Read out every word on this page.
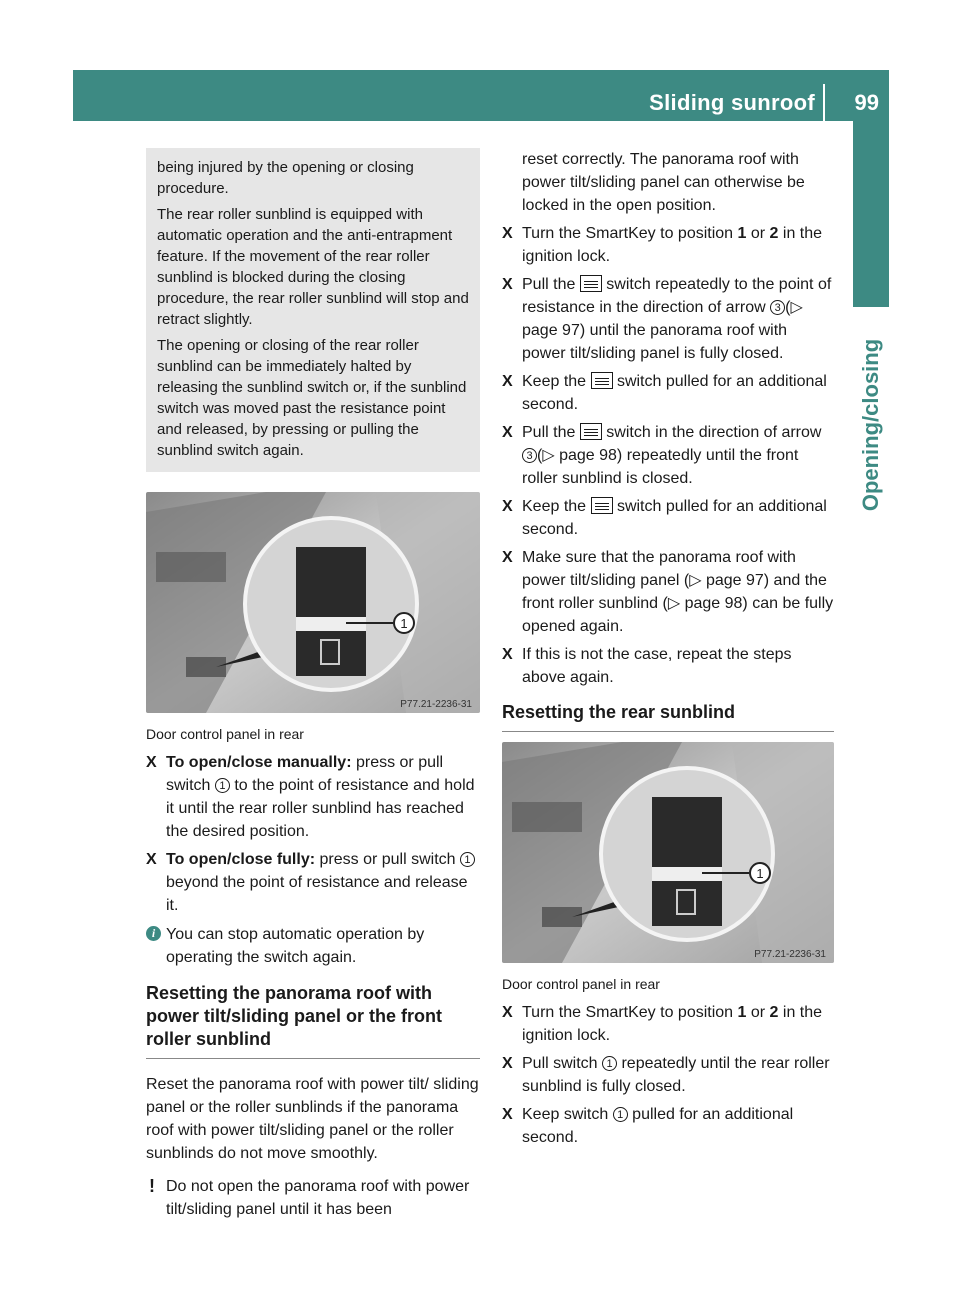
Sliding sunroof 99
Opening/closing

being injured by the opening or closing procedure.

The rear roller sunblind is equipped with automatic operation and the anti-entrapment feature. If the movement of the rear roller sunblind is blocked during the closing procedure, the rear roller sunblind will stop and retract slightly.

The opening or closing of the rear roller sunblind can be immediately halted by releasing the sunblind switch or, if the sunblind switch was moved past the resistance point and released, by pressing or pulling the sunblind switch again.

1
P77.21-2236-31
Door control panel in rear
X To open/close manually: press or pull switch 1 to the point of resistance and hold it until the rear roller sunblind has reached the desired position.
X To open/close fully: press or pull switch 1 beyond the point of resistance and release it.
i You can stop automatic operation by operating the switch again.
Resetting the panorama roof with power tilt/sliding panel or the front roller sunblind
Reset the panorama roof with power tilt/ sliding panel or the roller sunblinds if the panorama roof with power tilt/sliding panel or the roller sunblinds do not move smoothly.
! Do not open the panorama roof with power tilt/sliding panel until it has been
reset correctly. The panorama roof with power tilt/sliding panel can otherwise be locked in the open position.
X Turn the SmartKey to position 1 or 2 in the ignition lock.
X Pull the  switch repeatedly to the point of resistance in the direction of arrow 3 (▷ page 97) until the panorama roof with power tilt/sliding panel is fully closed.
X Keep the  switch pulled for an additional second.
X Pull the  switch in the direction of arrow 3 (▷ page 98) repeatedly until the front roller sunblind is closed.
X Keep the  switch pulled for an additional second.
X Make sure that the panorama roof with power tilt/sliding panel (▷ page 97) and the front roller sunblind (▷ page 98) can be fully opened again.
X If this is not the case, repeat the steps above again.
Resetting the rear sunblind
1
P77.21-2236-31
Door control panel in rear
X Turn the SmartKey to position 1 or 2 in the ignition lock.
X Pull switch 1 repeatedly until the rear roller sunblind is fully closed.
X Keep switch 1 pulled for an additional second.
